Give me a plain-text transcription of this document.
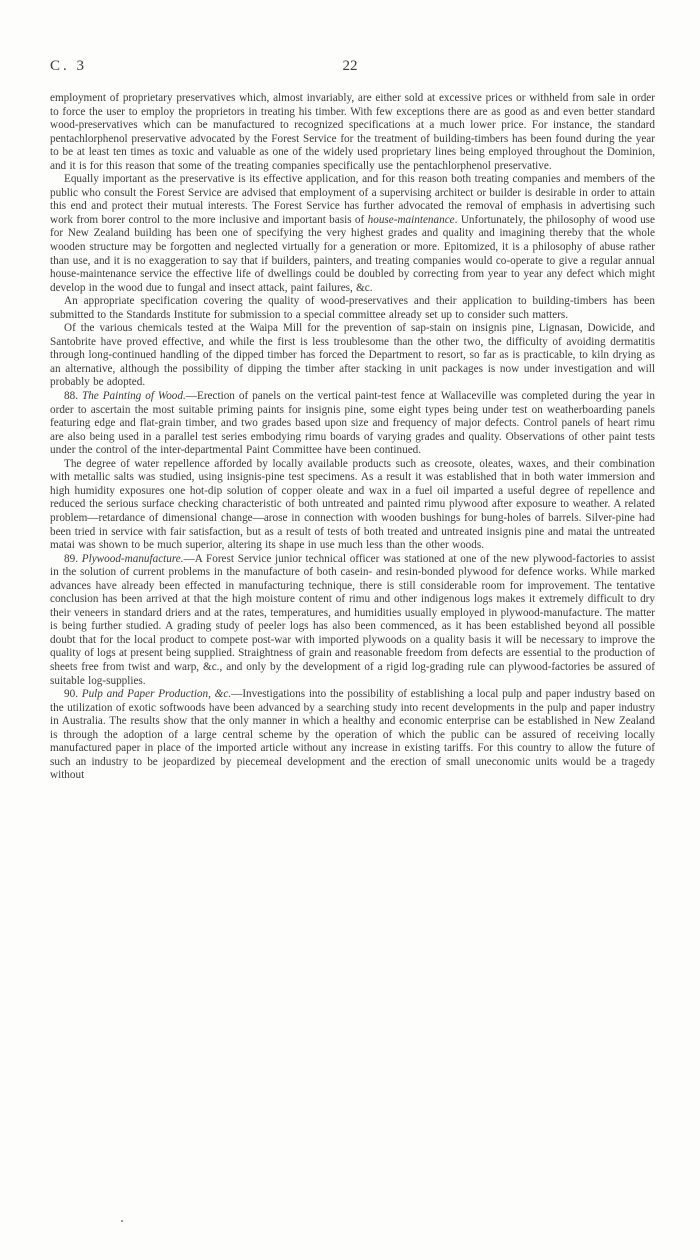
C. 3	22

employment of proprietary preservatives which, almost invariably, are either sold at excessive prices or withheld from sale in order to force the user to employ the proprietors in treating his timber. With few exceptions there are as good as and even better standard wood-preservatives which can be manufactured to recognized specifications at a much lower price. For instance, the standard pentachlorphenol preservative advocated by the Forest Service for the treatment of building-timbers has been found during the year to be at least ten times as toxic and valuable as one of the widely used proprietary lines being employed throughout the Dominion, and it is for this reason that some of the treating companies specifically use the pentachlorphenol preservative.

Equally important as the preservative is its effective application, and for this reason both treating companies and members of the public who consult the Forest Service are advised that employment of a supervising architect or builder is desirable in order to attain this end and protect their mutual interests. The Forest Service has further advocated the removal of emphasis in advertising such work from borer control to the more inclusive and important basis of house-maintenance. Unfortunately, the philosophy of wood use for New Zealand building has been one of specifying the very highest grades and quality and imagining thereby that the whole wooden structure may be forgotten and neglected virtually for a generation or more. Epitomized, it is a philosophy of abuse rather than use, and it is no exaggeration to say that if builders, painters, and treating companies would co-operate to give a regular annual house-maintenance service the effective life of dwellings could be doubled by correcting from year to year any defect which might develop in the wood due to fungal and insect attack, paint failures, &c.

An appropriate specification covering the quality of wood-preservatives and their application to building-timbers has been submitted to the Standards Institute for submission to a special committee already set up to consider such matters.

Of the various chemicals tested at the Waipa Mill for the prevention of sap-stain on insignis pine, Lignasan, Dowicide, and Santobrite have proved effective, and while the first is less troublesome than the other two, the difficulty of avoiding dermatitis through long-continued handling of the dipped timber has forced the Department to resort, so far as is practicable, to kiln drying as an alternative, although the possibility of dipping the timber after stacking in unit packages is now under investigation and will probably be adopted.

88. The Painting of Wood.—Erection of panels on the vertical paint-test fence at Wallaceville was completed during the year in order to ascertain the most suitable priming paints for insignis pine, some eight types being under test on weatherboarding panels featuring edge and flat-grain timber, and two grades based upon size and frequency of major defects. Control panels of heart rimu are also being used in a parallel test series embodying rimu boards of varying grades and quality. Observations of other paint tests under the control of the inter-departmental Paint Committee have been continued.

The degree of water repellence afforded by locally available products such as creosote, oleates, waxes, and their combination with metallic salts was studied, using insignis-pine test specimens. As a result it was established that in both water immersion and high humidity exposures one hot-dip solution of copper oleate and wax in a fuel oil imparted a useful degree of repellence and reduced the serious surface checking characteristic of both untreated and painted rimu plywood after exposure to weather. A related problem—retardance of dimensional change—arose in connection with wooden bushings for bung-holes of barrels. Silver-pine had been tried in service with fair satisfaction, but as a result of tests of both treated and untreated insignis pine and matai the untreated matai was shown to be much superior, altering its shape in use much less than the other woods.

89. Plywood-manufacture.—A Forest Service junior technical officer was stationed at one of the new plywood-factories to assist in the solution of current problems in the manufacture of both casein- and resin-bonded plywood for defence works. While marked advances have already been effected in manufacturing technique, there is still considerable room for improvement. The tentative conclusion has been arrived at that the high moisture content of rimu and other indigenous logs makes it extremely difficult to dry their veneers in standard driers and at the rates, temperatures, and humidities usually employed in plywood-manufacture. The matter is being further studied. A grading study of peeler logs has also been commenced, as it has been established beyond all possible doubt that for the local product to compete post-war with imported plywoods on a quality basis it will be necessary to improve the quality of logs at present being supplied. Straightness of grain and reasonable freedom from defects are essential to the production of sheets free from twist and warp, &c., and only by the development of a rigid log-grading rule can plywood-factories be assured of suitable log-supplies.

90. Pulp and Paper Production, &c.—Investigations into the possibility of establishing a local pulp and paper industry based on the utilization of exotic softwoods have been advanced by a searching study into recent developments in the pulp and paper industry in Australia. The results show that the only manner in which a healthy and economic enterprise can be established in New Zealand is through the adoption of a large central scheme by the operation of which the public can be assured of receiving locally manufactured paper in place of the imported article without any increase in existing tariffs. For this country to allow the future of such an industry to be jeopardized by piecemeal development and the erection of small uneconomic units would be a tragedy without
